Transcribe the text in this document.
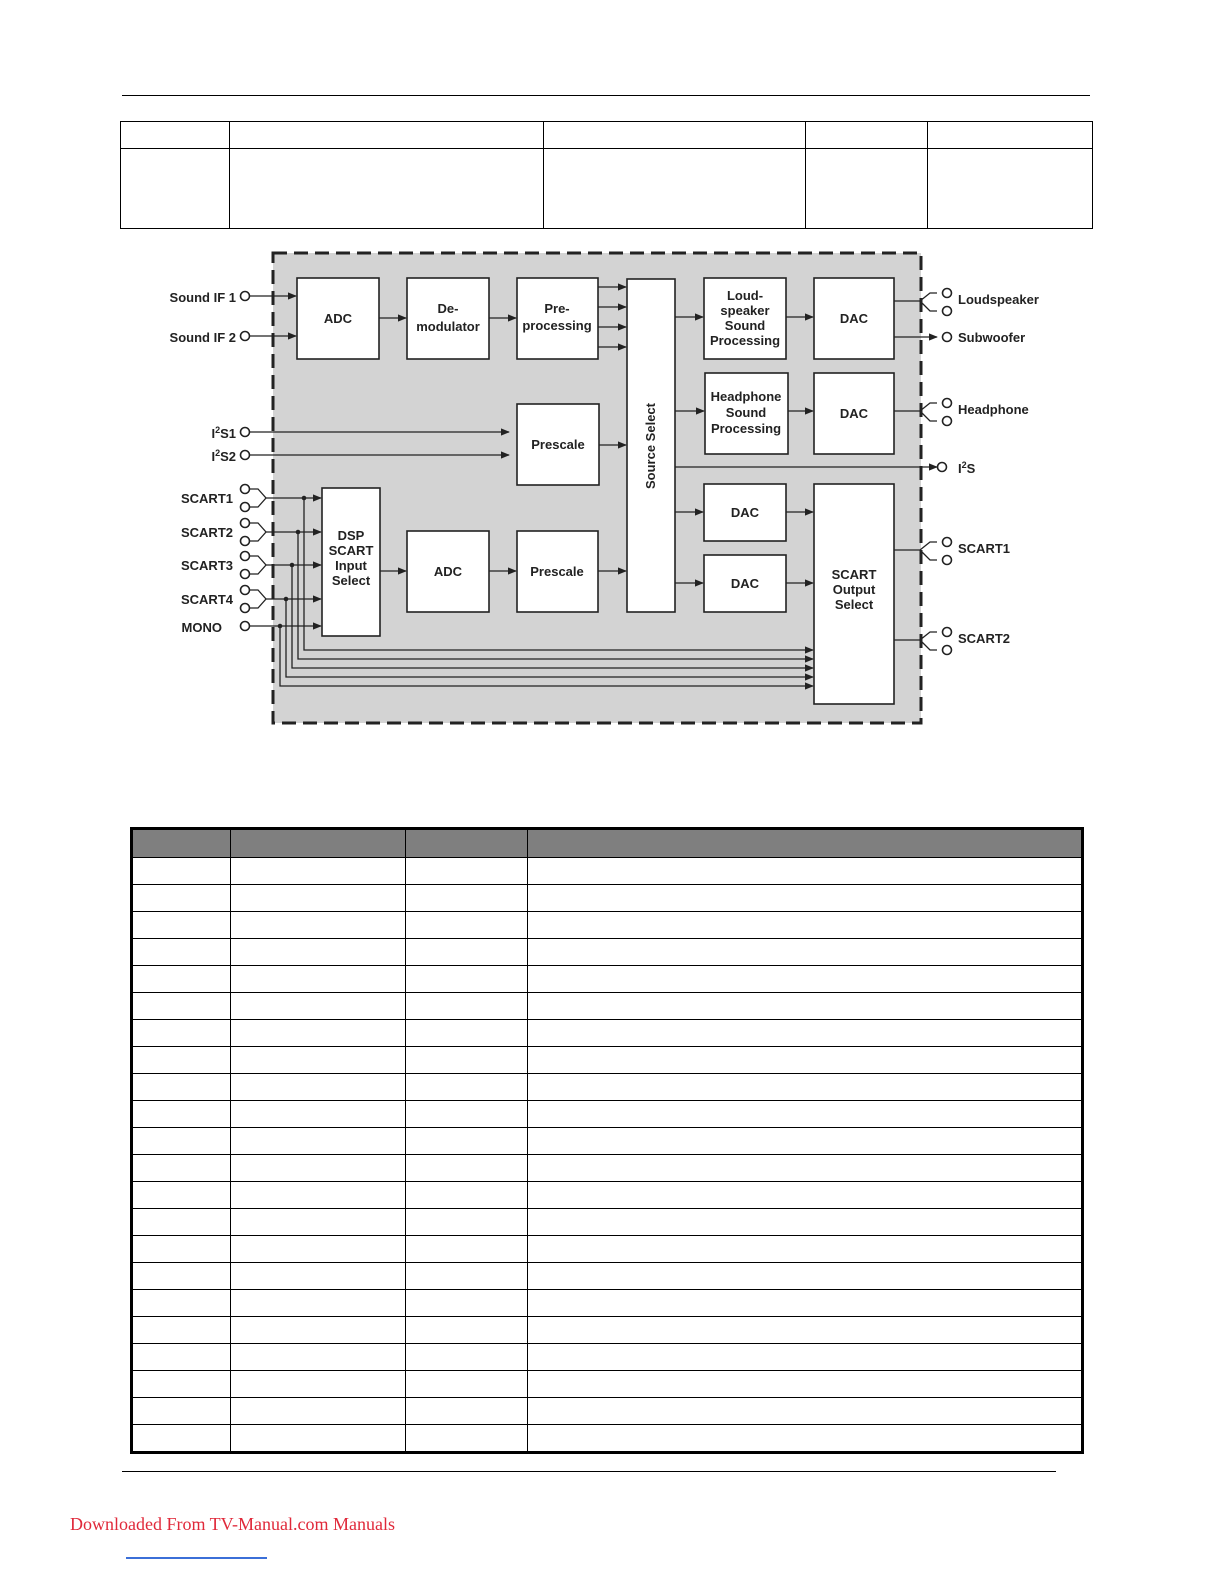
ADC
De-
modulator
Pre-
processing
Source Select
Loud-
speaker
Sound
Processing
DAC
Headphone
Sound
Processing
DAC
Prescale
DSP
SCART
Input
Select
ADC	Prescale
DAC
DAC
SCART
Output
Select
Sound IF 1
Sound IF 2
$I^2S1$
$I^2S2$
SCART1
SCART2
SCART3
SCART4
MONO
Loudspeaker
Subwoofer
Headphone
$I^2S$
SCART1
SCART2

Downloaded From TV-Manual.com Manuals
